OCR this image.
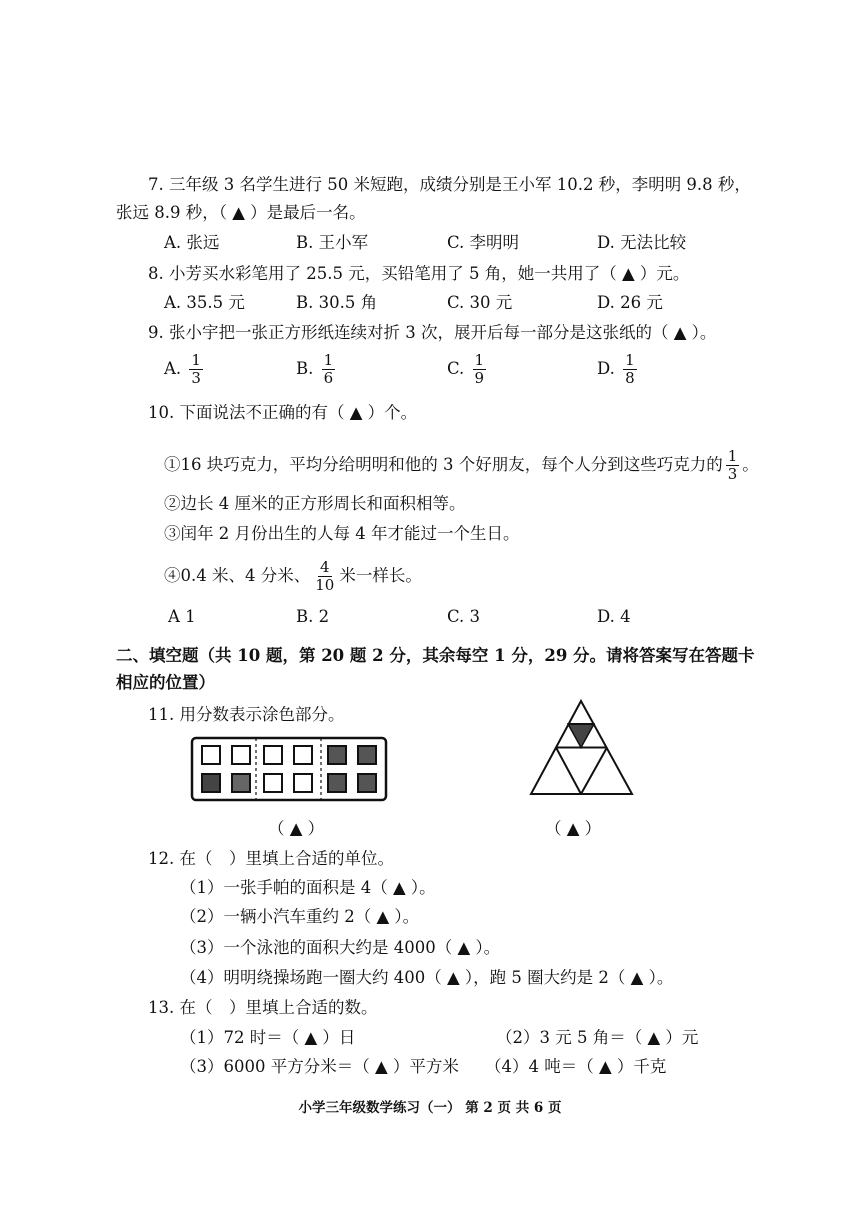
7. 三年级 3 名学生进行 50 米短跑，成绩分别是王小军 10.2 秒，李明明 9.8 秒，
张远 8.9 秒，（ ▲ ）是最后一名。
A. 张远	B. 王小军	C. 李明明	D. 无法比较
8. 小芳买水彩笔用了 25.5 元，买铅笔用了 5 角，她一共用了（ ▲ ）元。
A. 35.5 元	B. 30.5 角	C. 30 元	D. 26 元
9. 张小宇把一张正方形纸连续对折 3 次，展开后每一部分是这张纸的（ ▲ ）。
A. $\frac{1}{3}$	B. $\frac{1}{6}$	C. $\frac{1}{9}$	D. $\frac{1}{8}$
10. 下面说法不正确的有（ ▲ ）个。
①16 块巧克力，平均分给明明和他的 3 个好朋友，每个人分到这些巧克力的 $\frac{1}{3}$ 。
②边长 4 厘米的正方形周长和面积相等。
③闰年 2 月份出生的人每 4 年才能过一个生日。
④0.4 米、4 分米、 $\frac{4}{10}$ 米一样长。
A 1	B. 2	C. 3	D. 4
二、填空题（共 10 题，第 20 题 2 分，其余每空 1 分，29 分。请将答案写在答题卡
相应的位置）
11. 用分数表示涂色部分。
（ ▲ ）	（ ▲ ）
12. 在（　）里填上合适的单位。
（1）一张手帕的面积是 4（ ▲ ）。
（2）一辆小汽车重约 2（ ▲ ）。
（3）一个泳池的面积大约是 4000（ ▲ ）。
（4）明明绕操场跑一圈大约 400（ ▲ ），跑 5 圈大约是 2（ ▲ ）。
13. 在（　）里填上合适的数。
（1）72 时＝（ ▲ ）日	（2）3 元 5 角＝（ ▲ ）元
（3）6000 平方分米＝（ ▲ ）平方米 （4）4 吨＝（ ▲ ）千克
小学三年级数学练习（一） 第 2 页 共 6 页
